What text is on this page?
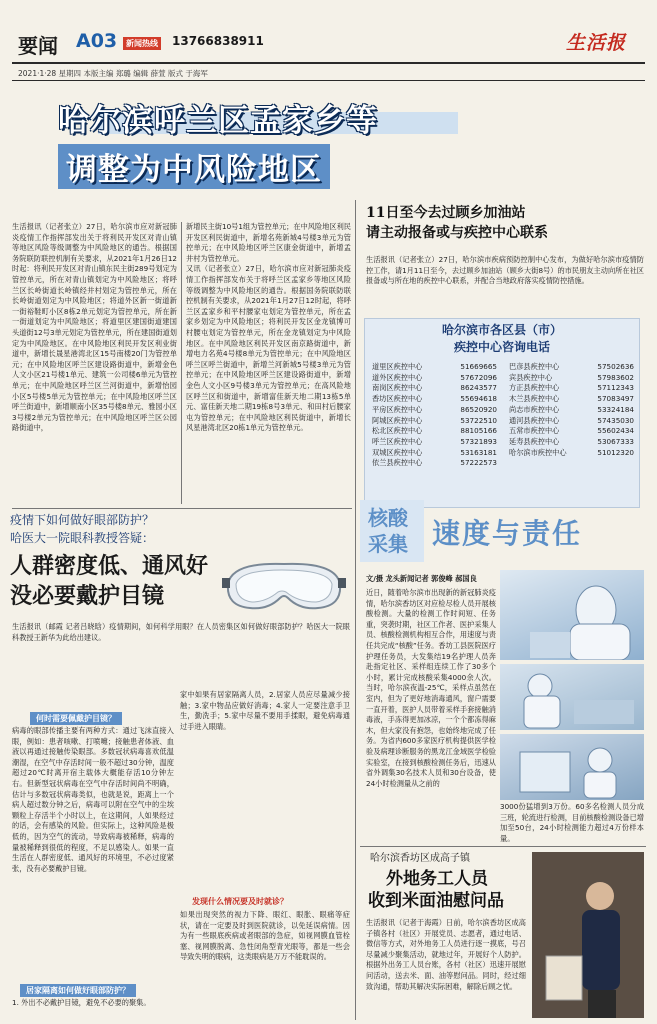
要闻 A03	新闻热线 13766838911	生活报
2021·1·28 星期四 本版主编 郑璐 编辑 薛萱 版式 于海军
哈尔滨呼兰区孟家乡等
调整为中风险地区
生活报讯（记者张立）27日，哈尔滨市应对新冠肺炎疫情工作指挥部发出关于将利民开发区对青山镇等地区风险等级调整为中风险地区的通告。根据国务院联防联控机制有关要求，从2021年1月26日12时起：将利民开发区对青山镇东民主街289号划定为管控单元，所在对青山镇划定为中风险地区；将呼兰区长岭街道长岭镇经井村划定为管控单元，所在长岭街道划定为中风险地区；将道外区新一街道新一街裕鞋町小区8栋2单元划定为管控单元，所在新一街道划定为中风险地区；将道里区建国街道建国头道街12号3单元划定为管控单元，所在建国街道划定为中风险地区。在中风险地区利民开发区利业街道中，新增长晟星港湾北区15号南楼20门为管控单元；在中风险地区呼兰区建设路街道中，新增金色人文小区21号楼1单元、建筑一公司楼6单元为管控单元；在中风险地区呼兰区兰河街道中，新增怡园小区5号楼5单元为管控单元；在中风险地区呼兰区呼兰街道中，新增顺南小区35号楼8单元、雅园小区3号楼2单元为管控单元；在中风险地区呼兰区公园路街道中，
新增民主街10号1组为管控单元；在中风险地区利民开发区利民街道中，新增名苑新城4号楼3单元为管控单元；在中风险地区呼兰区康金街道中，新增孟井村为管控单元。
又讯（记者张立）27日，哈尔滨市应对新冠肺炎疫情工作指挥部发布关于将呼兰区孟家乡等地区风险等级调整为中风险地区的通告。根据国务院联防联控机制有关要求，从2021年1月27日12时起，将呼兰区孟家乡和平村腰家屯划定为管控单元，所在孟家乡划定为中风险地区；将利民开发区金龙镇博可村腰屯划定为管控单元，所在金龙镇划定为中风险地区。在中风险地区利民开发区南京路街道中，新增电力名苑4号楼8单元为管控单元；在中风险地区呼兰区呼兰街道中，新增兰河新城5号楼3单元为管控单元；在中风险地区呼兰区建设路街道中，新增金色人文小区9号楼3单元为管控单元；在高风险地区呼兰区和街道中，新增富佳新天地二期13栋5单元、富佳新天地二期19栋8号3单元、和田村后腰家屯为管控单元；在中风险地区利民街道中，新增长风星港湾北区20栋1单元为管控单元。
11日至今去过顾乡加油站
请主动报备或与疾控中心联系
生活报讯（记者张立）27日，哈尔滨市疾病预防控制中心发布，为做好哈尔滨市疫情防控工作，请1月11日至今，去过顾乡加油站（顾乡大街8号）的市民朋友主动向所在社区报备或与所在地的疾控中心联系，并配合当地政府落实疫情防控措施。
哈尔滨市各区县（市）
疾控中心咨询电话
道里区疾控中心	51669665
道外区疾控中心	57672096
南岗区疾控中心	86243577
香坊区疾控中心	55694618
平房区疾控中心	86520920
阿城区疾控中心	53722510
松北区疾控中心	88105166
呼兰区疾控中心	57321893
双城区疾控中心	53163181
依兰县疾控中心	57222573
巴彦县疾控中心	57502636
宾县疾控中心	57983602
方正县疾控中心	57112343
木兰县疾控中心	57083497
尚志市疾控中心	53324184
通河县疾控中心	57435030
五常市疾控中心	55602434
延寿县疾控中心	53067333
哈尔滨市疾控中心	51012320
疫情下如何做好眼部防护？
哈医大一院眼科教授答疑：
人群密度低、通风好
没必要戴护目镜
生活报讯（邮霞 记者吕晓晗）疫情期间，如何科学用眼？在人员密集区如何做好眼部防护？哈医大一院眼科教授王新华为此给出建议。
何时需要佩戴护目镜？
病毒的眼部传播主要有两种方式：通过飞沫直接入眼，例如：患者咳嗽、打喷嚏；接触患者体液、血液以再通过接触传染眼部。多数冠状病毒喜欢低温潮湿，在空气中存活时间一般不超过30分钟，温度超过20℃时离开宿主载体大概能存活10分钟左右。但新型冠状病毒在空气中存活时间尚不明确，估计与多数冠状病毒类似，也就是说，距离上一个病人超过数分钟之后，病毒可以附在空气中的尘埃颗粒上存活半个小时以上，在这期间，人如果经过的话，会有感染的风险。但实际上，这种风险是极低的，因为空气的流动，导致病毒被稀释，病毒的量被稀释到很低的程度，不足以感染人。如果一直生活在人群密度低、通风好的环境里，不必过度紧张，没有必要戴护目镜。
居家隔离如何做好眼部防护？
1. 外出不必戴护目镜，避免不必要的聚集。
家中如果有居家隔离人员，2.居家人员应尽量减少接触；3.家中物品应做好消毒；4.家人一定要注意手卫生，勤洗手；5.家中尽量不要用手揉眼，避免病毒通过手进入眼睛。
发现什么情况要及时就诊？
如果出现突然的视力下降、眼红、眼胀、眼痛等症状，请在一定要及时到医院就诊，以免延误病情。因为有一些眼底疾病或者眼部的急症，如视网膜血管栓塞、视网膜脱离、急性闭角型青光眼等，都是一些会导致失明的眼病，这类眼病是万万不能耽误的。
核酸
采集 速度与责任
文/摄 龙头新闻记者 郭俊峰 郝国良
近日，随着哈尔滨市出现新的新冠肺炎疫情，哈尔滨香坊区对应检尽检人员开展核酸检测。大量的检测工作时间短、任务重，突袭时期，社区工作者、医护采集人员、核酸检测机构相互合作，用速度与责任共完成“核酸”任务。香坊工县医院医疗护理任务员，大发集结19名护理人员奔赴指定社区、采样组连续工作了30多个小时，累计完成核酸采集4000余人次。当时，哈尔滨夜温-25℃，采样点虽然在室内，但为了更好地消毒通风，窗户需要一直开着，医护人员带着采样手套接触消毒液，手冻得更加冰凉，一个个都冻得麻木，但大家没有抱怨，也始终地完成了任务。为省内600多家医疗机构提供医学检验及病理诊断服务的黑龙江金域医学检验实验室，在接到核酸检测任务后，迅速从省外调集30名技术人员和30台设备，使24小时检测量从之前的
3000份猛增到3万份。60多名检测人员分成三班，轮流进行检测，目前核酸检测设备已增加至50台，24小时检测能力超过4万份样本量。
哈尔滨香坊区成高子镇
外地务工人员
收到米面油慰问品
生活报讯（记者于海霞）日前，哈尔滨香坊区成高子镇各村（社区）开展党员、志愿者，通过电话、微信等方式，对外地务工人员进行逐一摸底，号召尽量减少聚集活动，就地过年，开展好个人防护。根据外出务工人员台账，各村（社区）迅速开展慰问活动，送去米、面、油等慰问品。同时，经过细致沟通，帮助其解决实际困难，解除后顾之忧。
